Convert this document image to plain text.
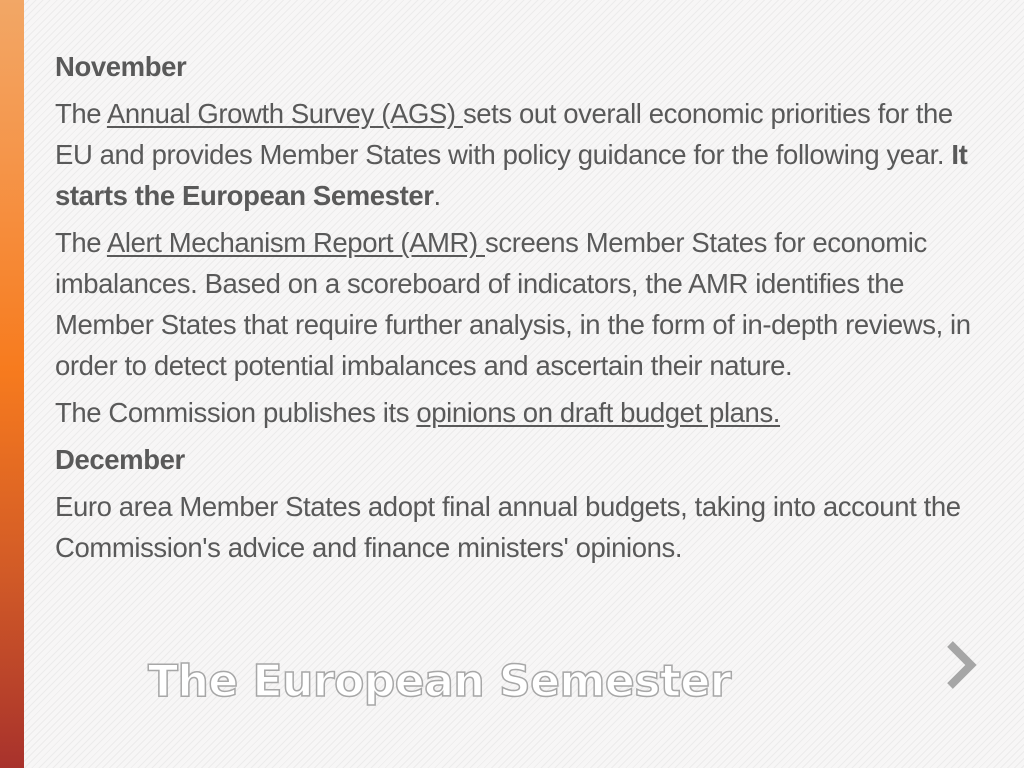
November

The Annual Growth Survey (AGS) sets out overall economic priorities for the EU and provides Member States with policy guidance for the following year. It starts the European Semester.

The Alert Mechanism Report (AMR) screens Member States for economic imbalances. Based on a scoreboard of indicators, the AMR identifies the Member States that require further analysis, in the form of in-depth reviews, in order to detect potential imbalances and ascertain their nature.

The Commission publishes its opinions on draft budget plans.

December

Euro area Member States adopt final annual budgets, taking into account the Commission's advice and finance ministers' opinions.

The European Semester
